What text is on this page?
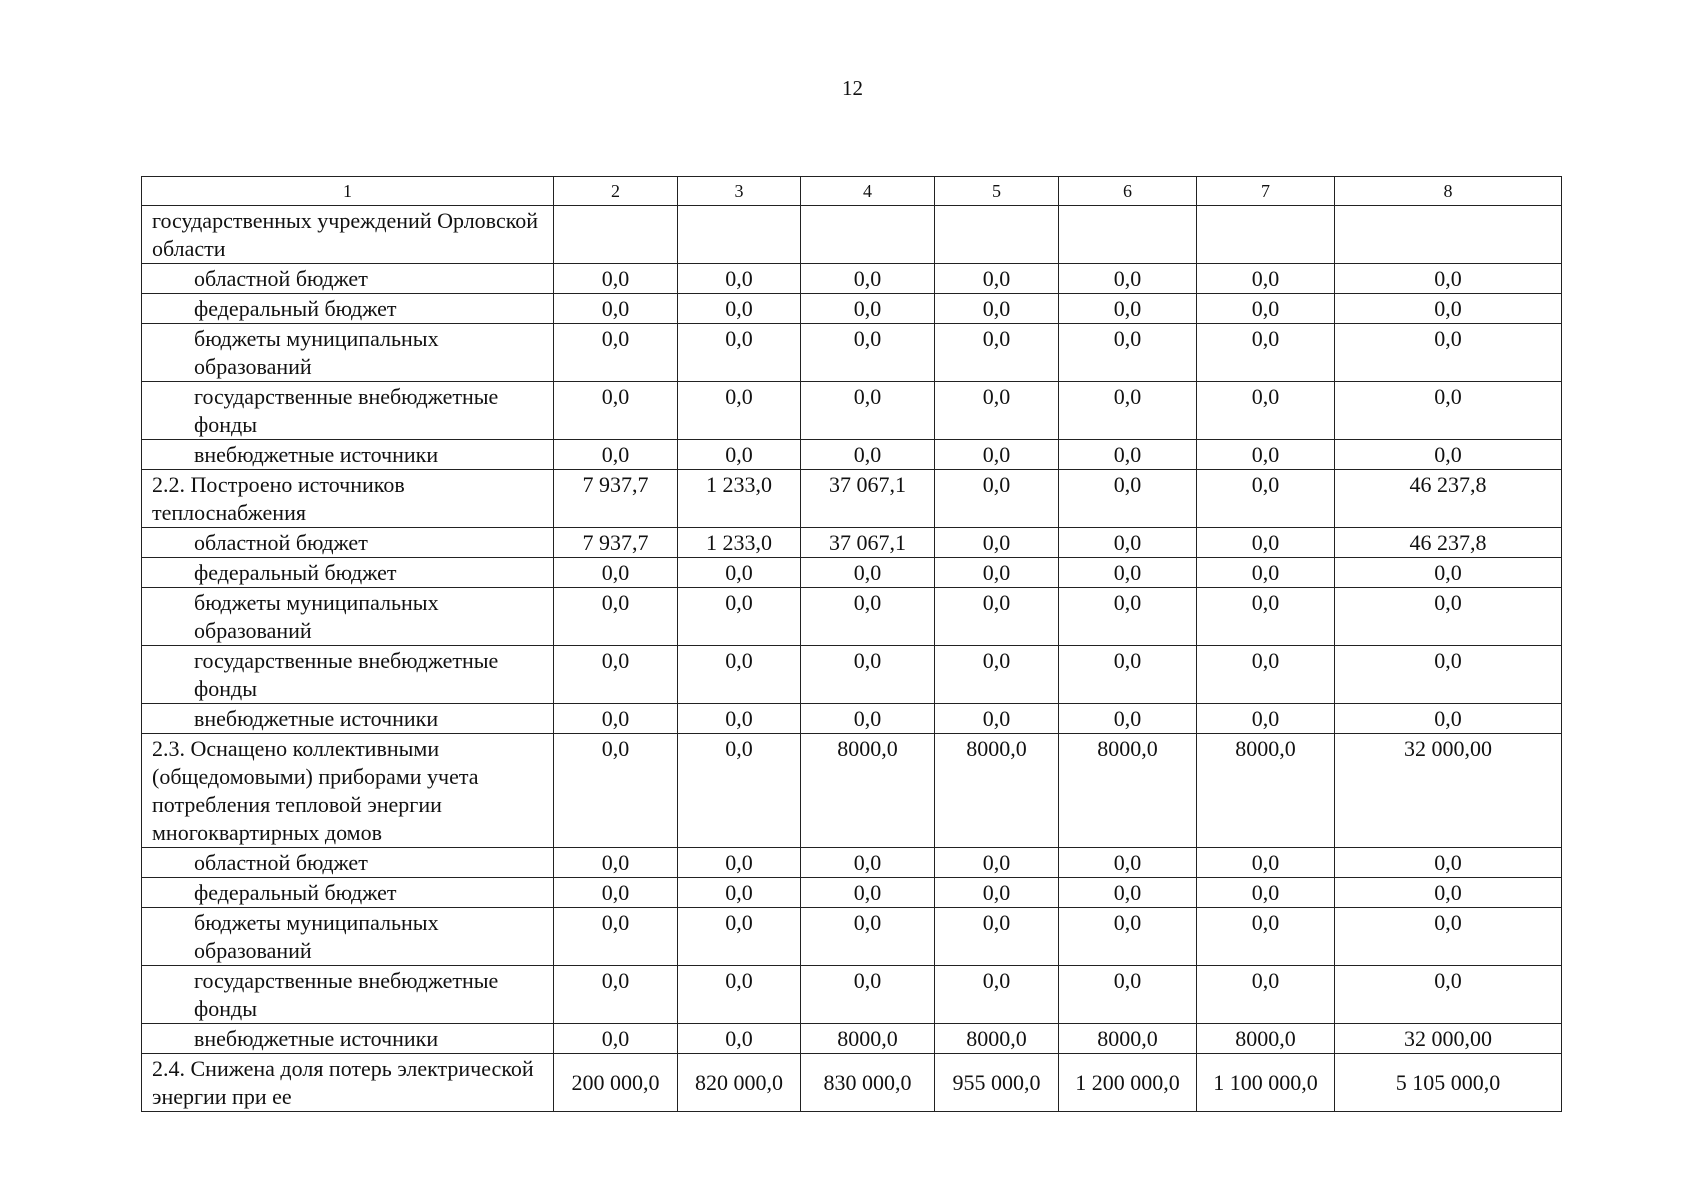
12
1	2	3	4	5	6	7	8
государственных учреждений Орловской области							
областной бюджет	0,0	0,0	0,0	0,0	0,0	0,0	0,0
федеральный бюджет	0,0	0,0	0,0	0,0	0,0	0,0	0,0
бюджеты муниципальных образований	0,0	0,0	0,0	0,0	0,0	0,0	0,0
государственные внебюджетные фонды	0,0	0,0	0,0	0,0	0,0	0,0	0,0
внебюджетные источники	0,0	0,0	0,0	0,0	0,0	0,0	0,0
2.2. Построено источников теплоснабжения	7 937,7	1 233,0	37 067,1	0,0	0,0	0,0	46 237,8
областной бюджет	7 937,7	1 233,0	37 067,1	0,0	0,0	0,0	46 237,8
федеральный бюджет	0,0	0,0	0,0	0,0	0,0	0,0	0,0
бюджеты муниципальных образований	0,0	0,0	0,0	0,0	0,0	0,0	0,0
государственные внебюджетные фонды	0,0	0,0	0,0	0,0	0,0	0,0	0,0
внебюджетные источники	0,0	0,0	0,0	0,0	0,0	0,0	0,0
2.3. Оснащено коллективными (общедомовыми) приборами учета потребления тепловой энергии многоквартирных домов	0,0	0,0	8000,0	8000,0	8000,0	8000,0	32 000,00
областной бюджет	0,0	0,0	0,0	0,0	0,0	0,0	0,0
федеральный бюджет	0,0	0,0	0,0	0,0	0,0	0,0	0,0
бюджеты муниципальных образований	0,0	0,0	0,0	0,0	0,0	0,0	0,0
государственные внебюджетные фонды	0,0	0,0	0,0	0,0	0,0	0,0	0,0
внебюджетные источники	0,0	0,0	8000,0	8000,0	8000,0	8000,0	32 000,00
2.4. Снижена доля потерь электрической энергии при ее	200 000,0	820 000,0	830 000,0	955 000,0	1 200 000,0	1 100 000,0	5 105 000,0
